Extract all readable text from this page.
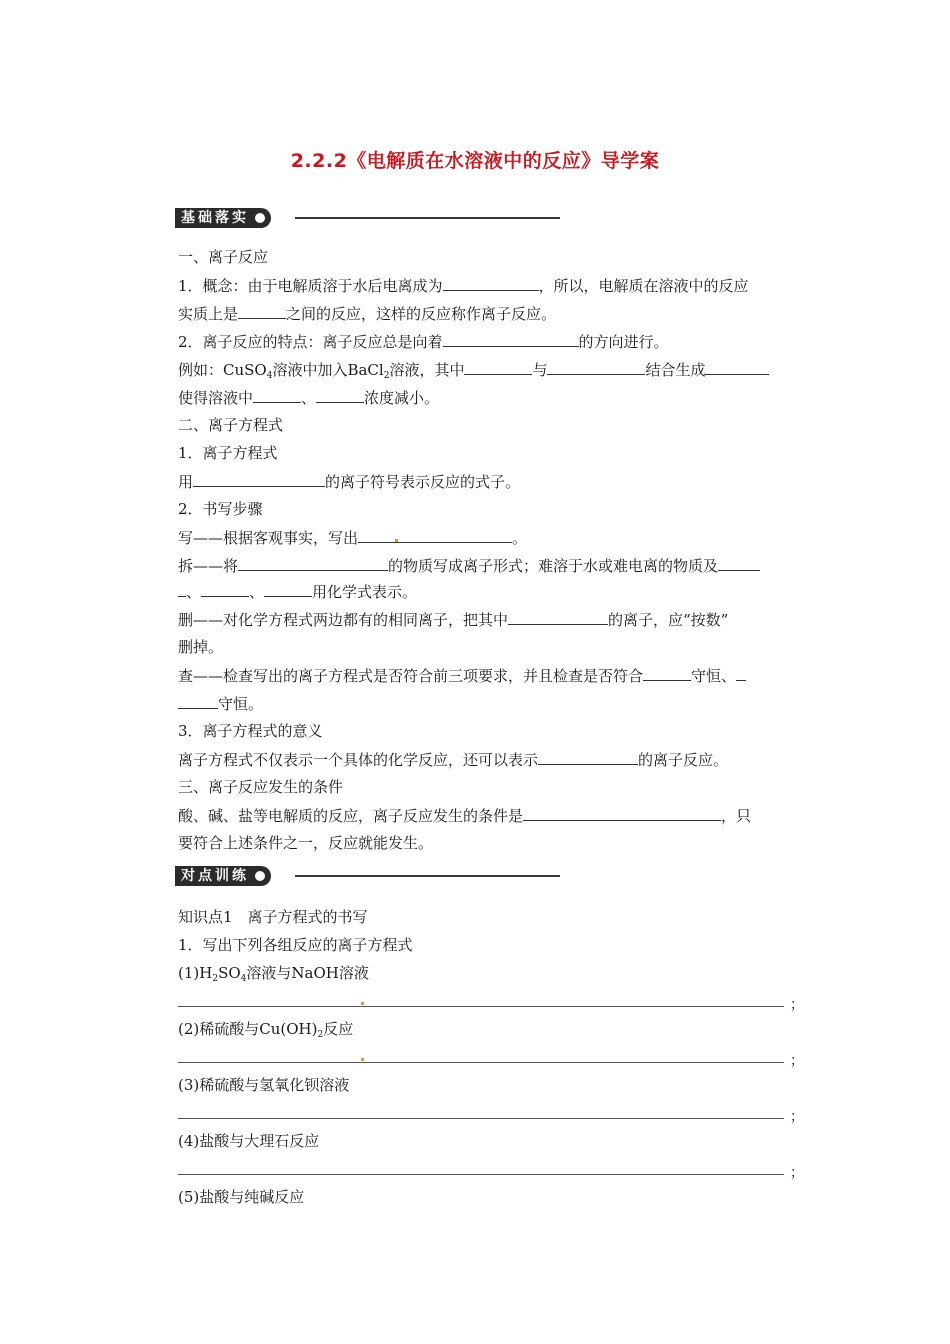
2.2.2《电解质在水溶液中的反应》导学案
基础落实
一、离子反应
1．概念：由于电解质溶于水后电离成为	，所以，电解质在溶液中的反应
实质上是	之间的反应，这样的反应称作离子反应。
2．离子反应的特点：离子反应总是向着	的方向进行。
例如：CuSO$_4$溶液中加入BaCl$_2$溶液，其中	与	结合生成
使得溶液中	、	浓度减小。
二、离子方程式
1．离子方程式
用	的离子符号表示反应的式子。
2．书写步骤
写——根据客观事实，写出	。
拆——将	的物质写成离子形式；难溶于水或难电离的物质及
、	、	用化学式表示。
删——对化学方程式两边都有的相同离子，把其中	的离子，应“按数”
删掉。
查——检查写出的离子方程式是否符合前三项要求，并且检查是否符合	守恒、
守恒。
3．离子方程式的意义
离子方程式不仅表示一个具体的化学反应，还可以表示	的离子反应。
三、离子反应发生的条件
酸、碱、盐等电解质的反应，离子反应发生的条件是	，只
要符合上述条件之一，反应就能发生。
对点训练
知识点1　离子方程式的书写
1．写出下列各组反应的离子方程式
$(1)H_2SO_4$溶液与NaOH溶液
；
(2)稀硫酸与$Cu(OH)_2$反应
；
(3)稀硫酸与氢氧化钡溶液
；
(4)盐酸与大理石反应
；
(5)盐酸与纯碱反应
